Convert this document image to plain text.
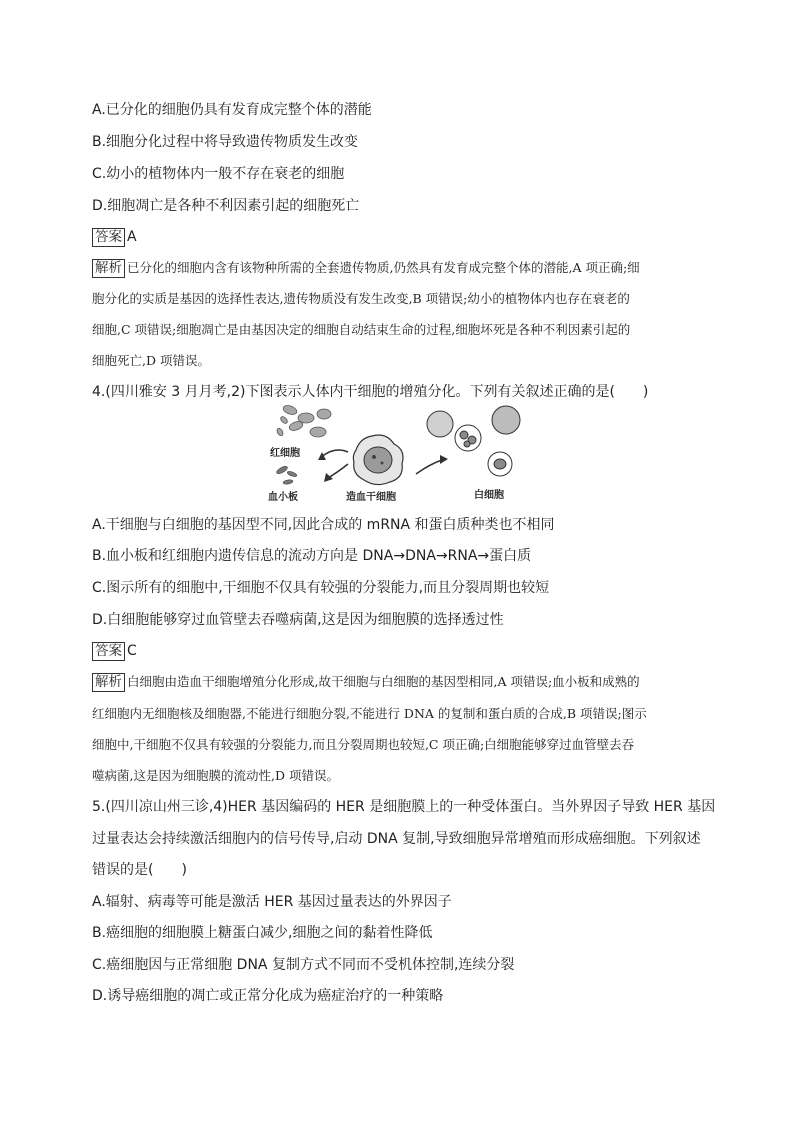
A.已分化的细胞仍具有发育成完整个体的潜能
B.细胞分化过程中将导致遗传物质发生改变
C.幼小的植物体内一般不存在衰老的细胞
D.细胞凋亡是各种不利因素引起的细胞死亡
答案 A
解析 已分化的细胞内含有该物种所需的全套遗传物质,仍然具有发育成完整个体的潜能,A 项正确;细
胞分化的实质是基因的选择性表达,遗传物质没有发生改变,B 项错误;幼小的植物体内也存在衰老的
细胞,C 项错误;细胞凋亡是由基因决定的细胞自动结束生命的过程,细胞坏死是各种不利因素引起的
细胞死亡,D 项错误。
4.(四川雅安 3 月月考,2)下图表示人体内干细胞的增殖分化。下列有关叙述正确的是(　　)
红细胞
血小板	造血干细胞	白细胞
A.干细胞与白细胞的基因型不同,因此合成的 mRNA 和蛋白质种类也不相同
B.血小板和红细胞内遗传信息的流动方向是 DNA→DNA→RNA→蛋白质
C.图示所有的细胞中,干细胞不仅具有较强的分裂能力,而且分裂周期也较短
D.白细胞能够穿过血管壁去吞噬病菌,这是因为细胞膜的选择透过性
答案 C
解析 白细胞由造血干细胞增殖分化形成,故干细胞与白细胞的基因型相同,A 项错误;血小板和成熟的
红细胞内无细胞核及细胞器,不能进行细胞分裂,不能进行 DNA 的复制和蛋白质的合成,B 项错误;图示
细胞中,干细胞不仅具有较强的分裂能力,而且分裂周期也较短,C 项正确;白细胞能够穿过血管壁去吞
噬病菌,这是因为细胞膜的流动性,D 项错误。
5.(四川凉山州三诊,4)HER 基因编码的 HER 是细胞膜上的一种受体蛋白。当外界因子导致 HER 基因
过量表达会持续激活细胞内的信号传导,启动 DNA 复制,导致细胞异常增殖而形成癌细胞。下列叙述
错误的是(　　)
A.辐射、病毒等可能是激活 HER 基因过量表达的外界因子
B.癌细胞的细胞膜上糖蛋白减少,细胞之间的黏着性降低
C.癌细胞因与正常细胞 DNA 复制方式不同而不受机体控制,连续分裂
D.诱导癌细胞的凋亡或正常分化成为癌症治疗的一种策略
